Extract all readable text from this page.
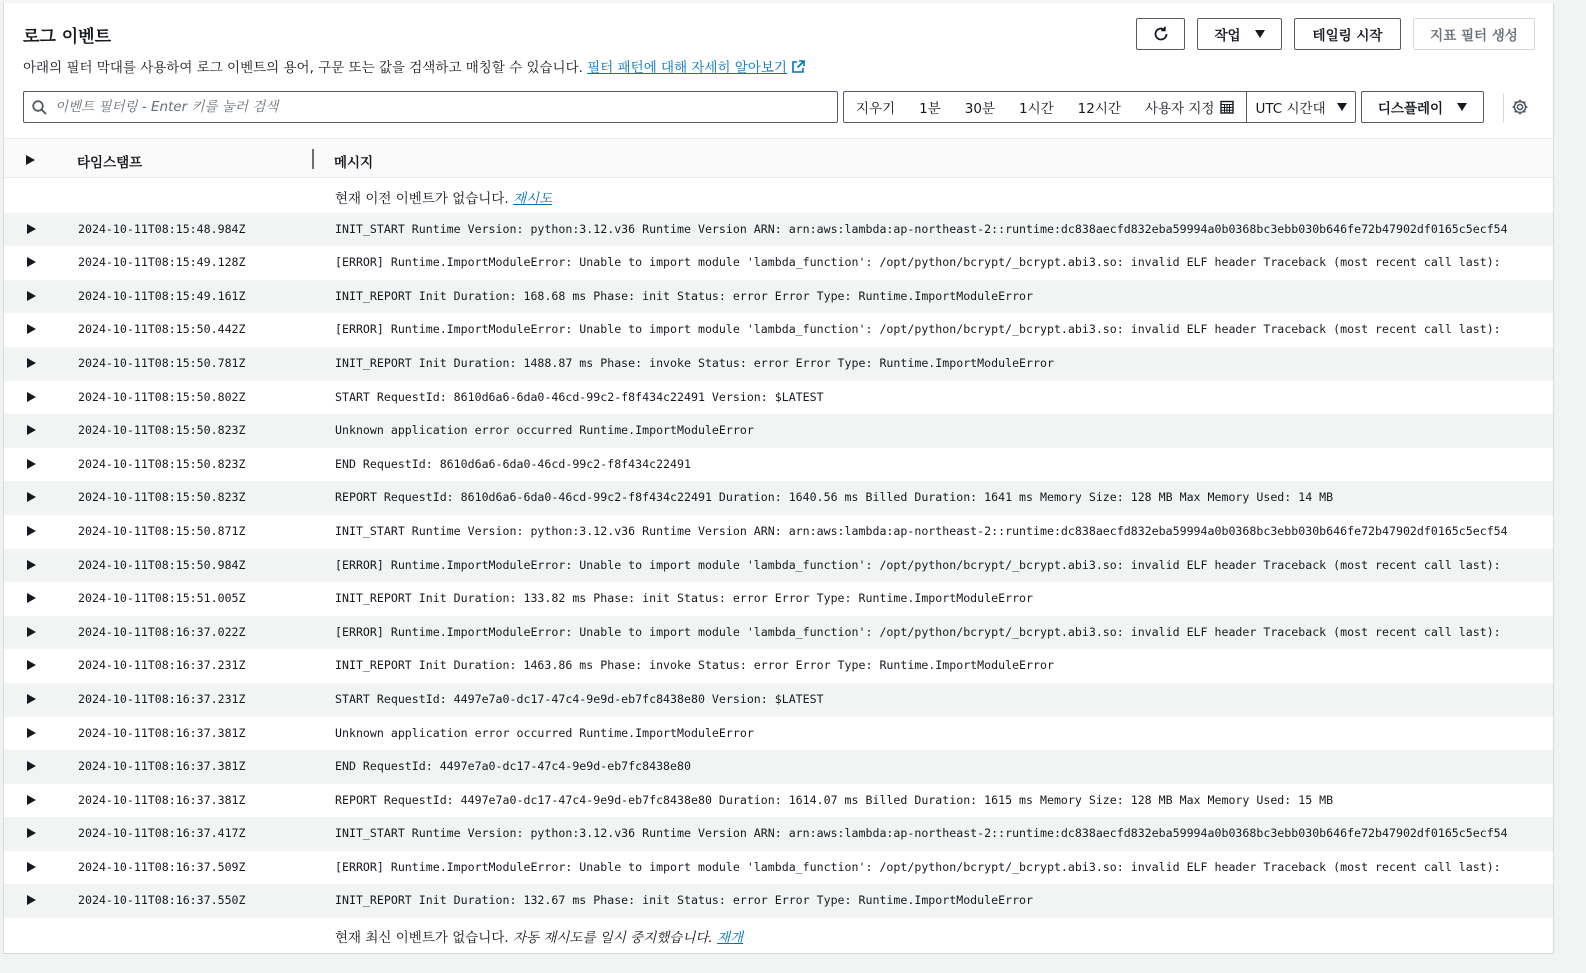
로그 이벤트
아래의 필터 막대를 사용하여 로그 이벤트의 용어, 구문 또는 값을 검색하고 매칭할 수 있습니다. 필터 패턴에 대해 자세히 알아보기
작업	테일링 시작	지표 필터 생성
이벤트 필터링 - Enter 키를 눌러 검색
지우기	1분	30분	1시간	12시간	사용자 지정	UTC 시간대	디스플레이
타임스탬프	메시지
현재 이전 이벤트가 없습니다. 재시도
2024-10-11T08:15:48.984Z	INIT_START Runtime Version: python:3.12.v36 Runtime Version ARN: arn:aws:lambda:ap-northeast-2::runtime:dc838aecfd832eba59994a0b0368bc3ebb030b646fe72b47902df0165c5ecf54
2024-10-11T08:15:49.128Z	[ERROR] Runtime.ImportModuleError: Unable to import module 'lambda_function': /opt/python/bcrypt/_bcrypt.abi3.so: invalid ELF header Traceback (most recent call last):
2024-10-11T08:15:49.161Z	INIT_REPORT Init Duration: 168.68 ms Phase: init Status: error Error Type: Runtime.ImportModuleError
2024-10-11T08:15:50.442Z	[ERROR] Runtime.ImportModuleError: Unable to import module 'lambda_function': /opt/python/bcrypt/_bcrypt.abi3.so: invalid ELF header Traceback (most recent call last):
2024-10-11T08:15:50.781Z	INIT_REPORT Init Duration: 1488.87 ms Phase: invoke Status: error Error Type: Runtime.ImportModuleError
2024-10-11T08:15:50.802Z	START RequestId: 8610d6a6-6da0-46cd-99c2-f8f434c22491 Version: $LATEST
2024-10-11T08:15:50.823Z	Unknown application error occurred Runtime.ImportModuleError
2024-10-11T08:15:50.823Z	END RequestId: 8610d6a6-6da0-46cd-99c2-f8f434c22491
2024-10-11T08:15:50.823Z	REPORT RequestId: 8610d6a6-6da0-46cd-99c2-f8f434c22491 Duration: 1640.56 ms Billed Duration: 1641 ms Memory Size: 128 MB Max Memory Used: 14 MB
2024-10-11T08:15:50.871Z	INIT_START Runtime Version: python:3.12.v36 Runtime Version ARN: arn:aws:lambda:ap-northeast-2::runtime:dc838aecfd832eba59994a0b0368bc3ebb030b646fe72b47902df0165c5ecf54
2024-10-11T08:15:50.984Z	[ERROR] Runtime.ImportModuleError: Unable to import module 'lambda_function': /opt/python/bcrypt/_bcrypt.abi3.so: invalid ELF header Traceback (most recent call last):
2024-10-11T08:15:51.005Z	INIT_REPORT Init Duration: 133.82 ms Phase: init Status: error Error Type: Runtime.ImportModuleError
2024-10-11T08:16:37.022Z	[ERROR] Runtime.ImportModuleError: Unable to import module 'lambda_function': /opt/python/bcrypt/_bcrypt.abi3.so: invalid ELF header Traceback (most recent call last):
2024-10-11T08:16:37.231Z	INIT_REPORT Init Duration: 1463.86 ms Phase: invoke Status: error Error Type: Runtime.ImportModuleError
2024-10-11T08:16:37.231Z	START RequestId: 4497e7a0-dc17-47c4-9e9d-eb7fc8438e80 Version: $LATEST
2024-10-11T08:16:37.381Z	Unknown application error occurred Runtime.ImportModuleError
2024-10-11T08:16:37.381Z	END RequestId: 4497e7a0-dc17-47c4-9e9d-eb7fc8438e80
2024-10-11T08:16:37.381Z	REPORT RequestId: 4497e7a0-dc17-47c4-9e9d-eb7fc8438e80 Duration: 1614.07 ms Billed Duration: 1615 ms Memory Size: 128 MB Max Memory Used: 15 MB
2024-10-11T08:16:37.417Z	INIT_START Runtime Version: python:3.12.v36 Runtime Version ARN: arn:aws:lambda:ap-northeast-2::runtime:dc838aecfd832eba59994a0b0368bc3ebb030b646fe72b47902df0165c5ecf54
2024-10-11T08:16:37.509Z	[ERROR] Runtime.ImportModuleError: Unable to import module 'lambda_function': /opt/python/bcrypt/_bcrypt.abi3.so: invalid ELF header Traceback (most recent call last):
2024-10-11T08:16:37.550Z	INIT_REPORT Init Duration: 132.67 ms Phase: init Status: error Error Type: Runtime.ImportModuleError
현재 최신 이벤트가 없습니다. 자동 재시도를 일시 중지했습니다. 재개
